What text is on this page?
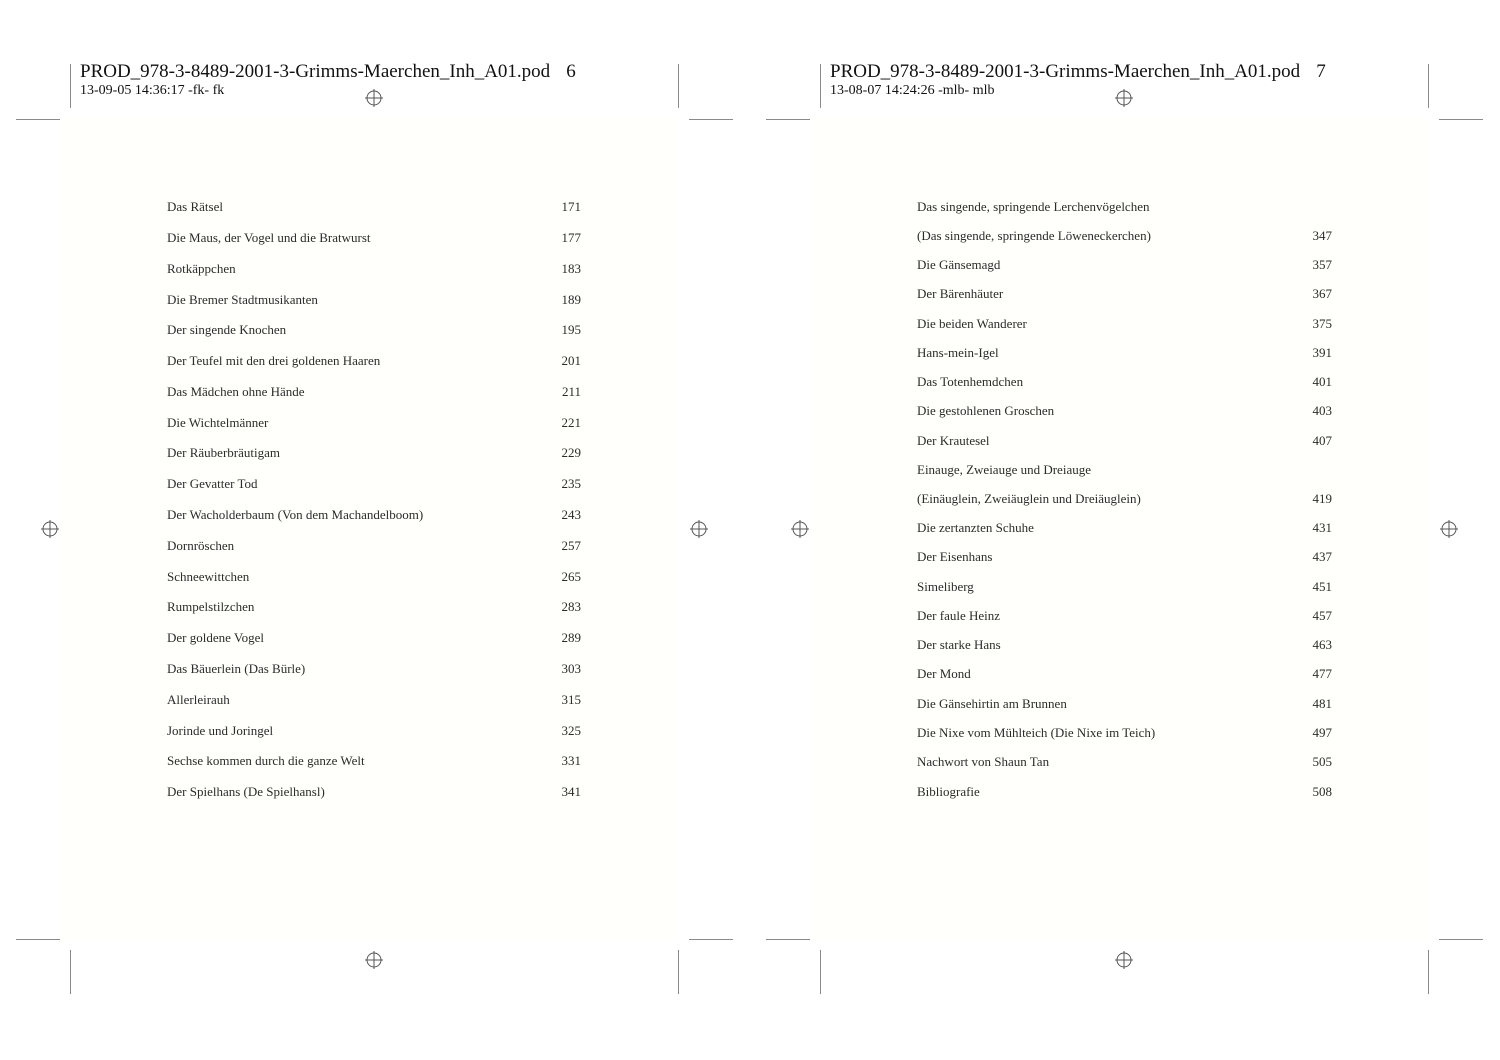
PROD_978-3-8489-2001-3-Grimms-Maerchen_Inh_A01.pod 6
13-09-05 14:36:17 -fk- fk
PROD_978-3-8489-2001-3-Grimms-Maerchen_Inh_A01.pod 7
13-08-07 14:24:26 -mlb- mlb
Das Rätsel	171
Die Maus, der Vogel und die Bratwurst	177
Rotkäppchen	183
Die Bremer Stadtmusikanten	189
Der singende Knochen	195
Der Teufel mit den drei goldenen Haaren	201
Das Mädchen ohne Hände	211
Die Wichtelmänner	221
Der Räuberbräutigam	229
Der Gevatter Tod	235
Der Wacholderbaum (Von dem Machandelboom)	243
Dornröschen	257
Schneewittchen	265
Rumpelstilzchen	283
Der goldene Vogel	289
Das Bäuerlein (Das Bürle)	303
Allerleirauh	315
Jorinde und Joringel	325
Sechse kommen durch die ganze Welt	331
Der Spielhans (De Spielhansl)	341
Das singende, springende Lerchenvögelchen
(Das singende, springende Löweneckerchen)	347
Die Gänsemagd	357
Der Bärenhäuter	367
Die beiden Wanderer	375
Hans-mein-Igel	391
Das Totenhemdchen	401
Die gestohlenen Groschen	403
Der Krautesel	407
Einauge, Zweiauge und Dreiauge
(Einäuglein, Zweiäuglein und Dreiäuglein)	419
Die zertanzten Schuhe	431
Der Eisenhans	437
Simeliberg	451
Der faule Heinz	457
Der starke Hans	463
Der Mond	477
Die Gänsehirtin am Brunnen	481
Die Nixe vom Mühlteich (Die Nixe im Teich)	497
Nachwort von Shaun Tan	505
Bibliografie	508
